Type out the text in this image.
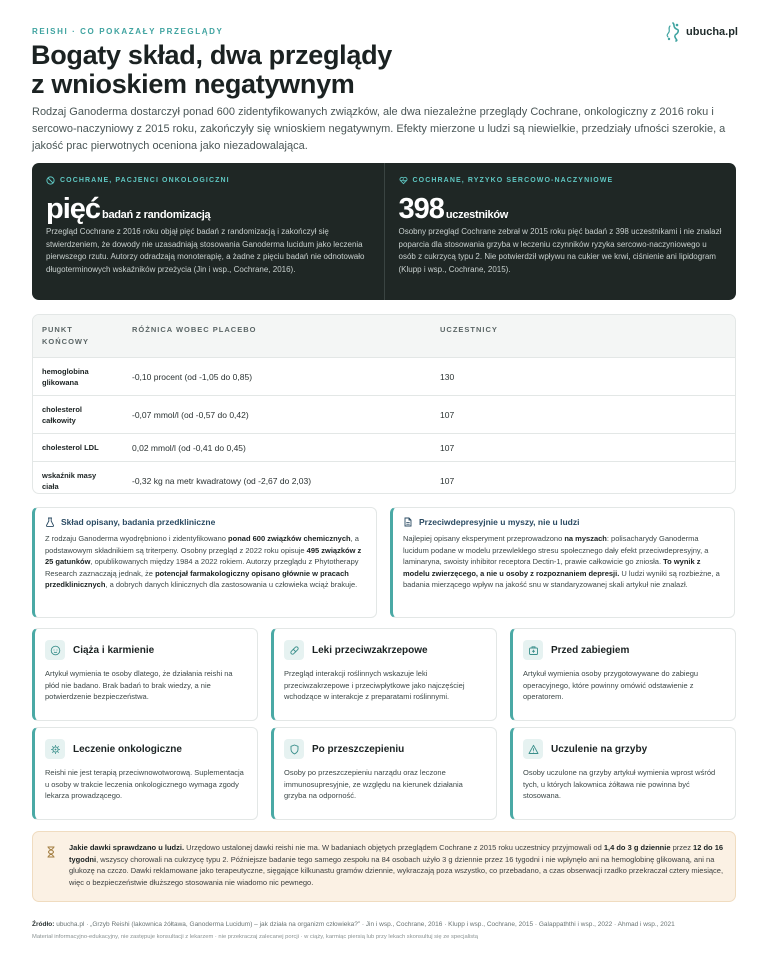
REISHI · CO POKAZAŁY PRZEGLĄDY	ubucha.pl
Bogaty skład, dwa przeglądy
z wnioskiem negatywnym

Rodzaj Ganoderma dostarczył ponad 600 zidentyfikowanych związków, ale dwa niezależne przeglądy Cochrane, onkologiczny z 2016 roku i sercowo-naczyniowy z 2015 roku, zakończyły się wnioskiem negatywnym. Efekty mierzone u ludzi są niewielkie, przedziały ufności szerokie, a jakość prac pierwotnych oceniona jako niezadowalająca.

COCHRANE, PACJENCI ONKOLOGICZNI
pięć badań z randomizacją

Przegląd Cochrane z 2016 roku objął pięć badań z randomizacją i zakończył się stwierdzeniem, że dowody nie uzasadniają stosowania Ganoderma lucidum jako leczenia pierwszego rzutu. Autorzy odradzają monoterapię, a żadne z pięciu badań nie odnotowało długoterminowych wskaźników przeżycia (Jin i wsp., Cochrane, 2016).

COCHRANE, RYZYKO SERCOWO-NACZYNIOWE
398 uczestników

Osobny przegląd Cochrane zebrał w 2015 roku pięć badań z 398 uczestnikami i nie znalazł poparcia dla stosowania grzyba w leczeniu czynników ryzyka sercowo-naczyniowego u osób z cukrzycą typu 2. Nie potwierdził wpływu na cukier we krwi, ciśnienie ani lipidogram (Klupp i wsp., Cochrane, 2015).

PUNKT KOŃCOWY	RÓŻNICA WOBEC PLACEBO	UCZESTNICY
hemoglobina glikowana	-0,10 procent (od -1,05 do 0,85)	130
cholesterol całkowity	-0,07 mmol/l (od -0,57 do 0,42)	107
cholesterol LDL	0,02 mmol/l (od -0,41 do 0,45)	107
wskaźnik masy ciała	-0,32 kg na metr kwadratowy (od -2,67 do 2,03)	107
Skład opisany, badania przedkliniczne

Z rodzaju Ganoderma wyodrębniono i zidentyfikowano ponad 600 związków chemicznych, a podstawowym składnikiem są triterpeny. Osobny przegląd z 2022 roku opisuje 495 związków z 25 gatunków, opublikowanych między 1984 a 2022 rokiem. Autorzy przeglądu z Phytotherapy Research zaznaczają jednak, że potencjał farmakologiczny opisano głównie w pracach przedklinicznych, a dobrych danych klinicznych dla zastosowania u człowieka wciąż brakuje.

Przeciwdepresyjnie u myszy, nie u ludzi

Najlepiej opisany eksperyment przeprowadzono na myszach: polisacharydy Ganoderma lucidum podane w modelu przewlekłego stresu społecznego dały efekt przeciwdepresyjny, a laminaryna, swoisty inhibitor receptora Dectin-1, prawie całkowicie go zniosła. To wynik z modelu zwierzęcego, a nie u osoby z rozpoznaniem depresji. U ludzi wyniki są rozbieżne, a badania mierzącego wpływ na jakość snu w standaryzowanej skali artykuł nie znalazł.

Ciąża i karmienie

Artykuł wymienia te osoby dlatego, że działania reishi na płód nie badano. Brak badań to brak wiedzy, a nie potwierdzenie bezpieczeństwa.

Leki przeciwzakrzepowe

Przegląd interakcji roślinnych wskazuje leki przeciwzakrzepowe i przeciwpłytkowe jako najczęściej wchodzące w interakcje z preparatami roślinnymi.

Przed zabiegiem

Artykuł wymienia osoby przygotowywane do zabiegu operacyjnego, które powinny omówić odstawienie z operatorem.

Leczenie onkologiczne

Reishi nie jest terapią przeciwnowotworową. Suplementacja u osoby w trakcie leczenia onkologicznego wymaga zgody lekarza prowadzącego.

Po przeszczepieniu

Osoby po przeszczepieniu narządu oraz leczone immunosupresyjnie, ze względu na kierunek działania grzyba na odporność.

Uczulenie na grzyby

Osoby uczulone na grzyby artykuł wymienia wprost wśród tych, u których lakownica żółtawa nie powinna być stosowana.

Jakie dawki sprawdzano u ludzi. Urzędowo ustalonej dawki reishi nie ma. W badaniach objętych przeglądem Cochrane z 2015 roku uczestnicy przyjmowali od 1,4 do 3 g dziennie przez 12 do 16 tygodni, wszyscy chorowali na cukrzycę typu 2. Późniejsze badanie tego samego zespołu na 84 osobach użyło 3 g dziennie przez 16 tygodni i nie wpłynęło ani na hemoglobinę glikowaną, ani na glukozę na czczo. Dawki reklamowane jako terapeutyczne, sięgające kilkunastu gramów dziennie, wykraczają poza wszystko, co przebadano, a czas obserwacji rzadko przekraczał cztery miesiące, więc o bezpieczeństwie dłuższego stosowania nie wiadomo nic pewnego.

Źródło: ubucha.pl · „Grzyb Reishi (lakownica żółtawa, Ganoderma Lucidum) – jak działa na organizm człowieka?” · Jin i wsp., Cochrane, 2016 · Klupp i wsp., Cochrane, 2015 · Galappaththi i wsp., 2022 · Ahmad i wsp., 2021

Materiał informacyjno-edukacyjny, nie zastępuje konsultacji z lekarzem · nie przekraczaj zalecanej porcji · w ciąży, karmiąc piersią lub przy lekach skonsultuj się ze specjalistą
